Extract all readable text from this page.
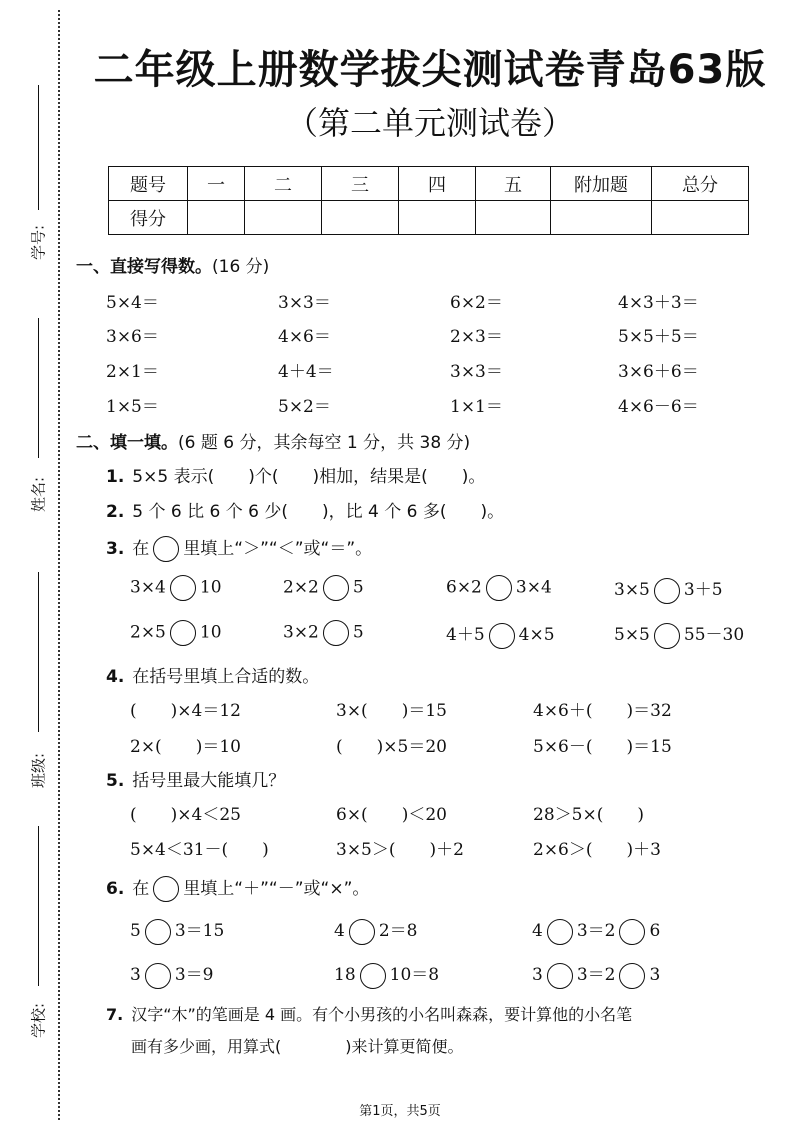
学号:
姓名:
班级:
学校:
二年级上册数学拔尖测试卷青岛63版
（第二单元测试卷）
题号	一	二	三	四	五	附加题	总分
得分							
一、直接写得数。(16 分)
5×4＝	3×3＝	6×2＝	4×3＋3＝
3×6＝	4×6＝	2×3＝	5×5＋5＝
2×1＝	4＋4＝	3×3＝	3×6＋6＝
1×5＝	5×2＝	1×1＝	4×6－6＝
二、填一填。(6 题 6 分，其余每空 1 分，共 38 分)
1. 5×5 表示(　　)个(　　)相加，结果是(　　)。
2. 5 个 6 比 6 个 6 少(　　)，比 4 个 6 多(　　)。
3. 在 里填上“＞”“＜”或“＝”。
3×4 10	2×2 5	6×2 3×4	3×5 3＋5
2×5 10	3×2 5	4＋5 4×5	5×5 55－30
4. 在括号里填上合适的数。
(　　)×4＝12	3×(　　)＝15	4×6＋(　　)＝32
2×(　　)＝10	(　　)×5＝20	5×6－(　　)＝15
5. 括号里最大能填几？
(　　)×4＜25	6×(　　)＜20	28＞5×(　　)
5×4＜31－(　　)	3×5＞(　　)＋2	2×6＞(　　)＋3
6. 在 里填上“＋”“－”或“×”。
5 3＝15	4 2＝8	4 3＝2 6
3 3＝9	18 10＝8	3 3＝2 3
7. 汉字“木”的笔画是 4 画。有个小男孩的小名叫森森，要计算他的小名笔
画有多少画，用算式(　　　　)来计算更简便。
第1页，共5页
